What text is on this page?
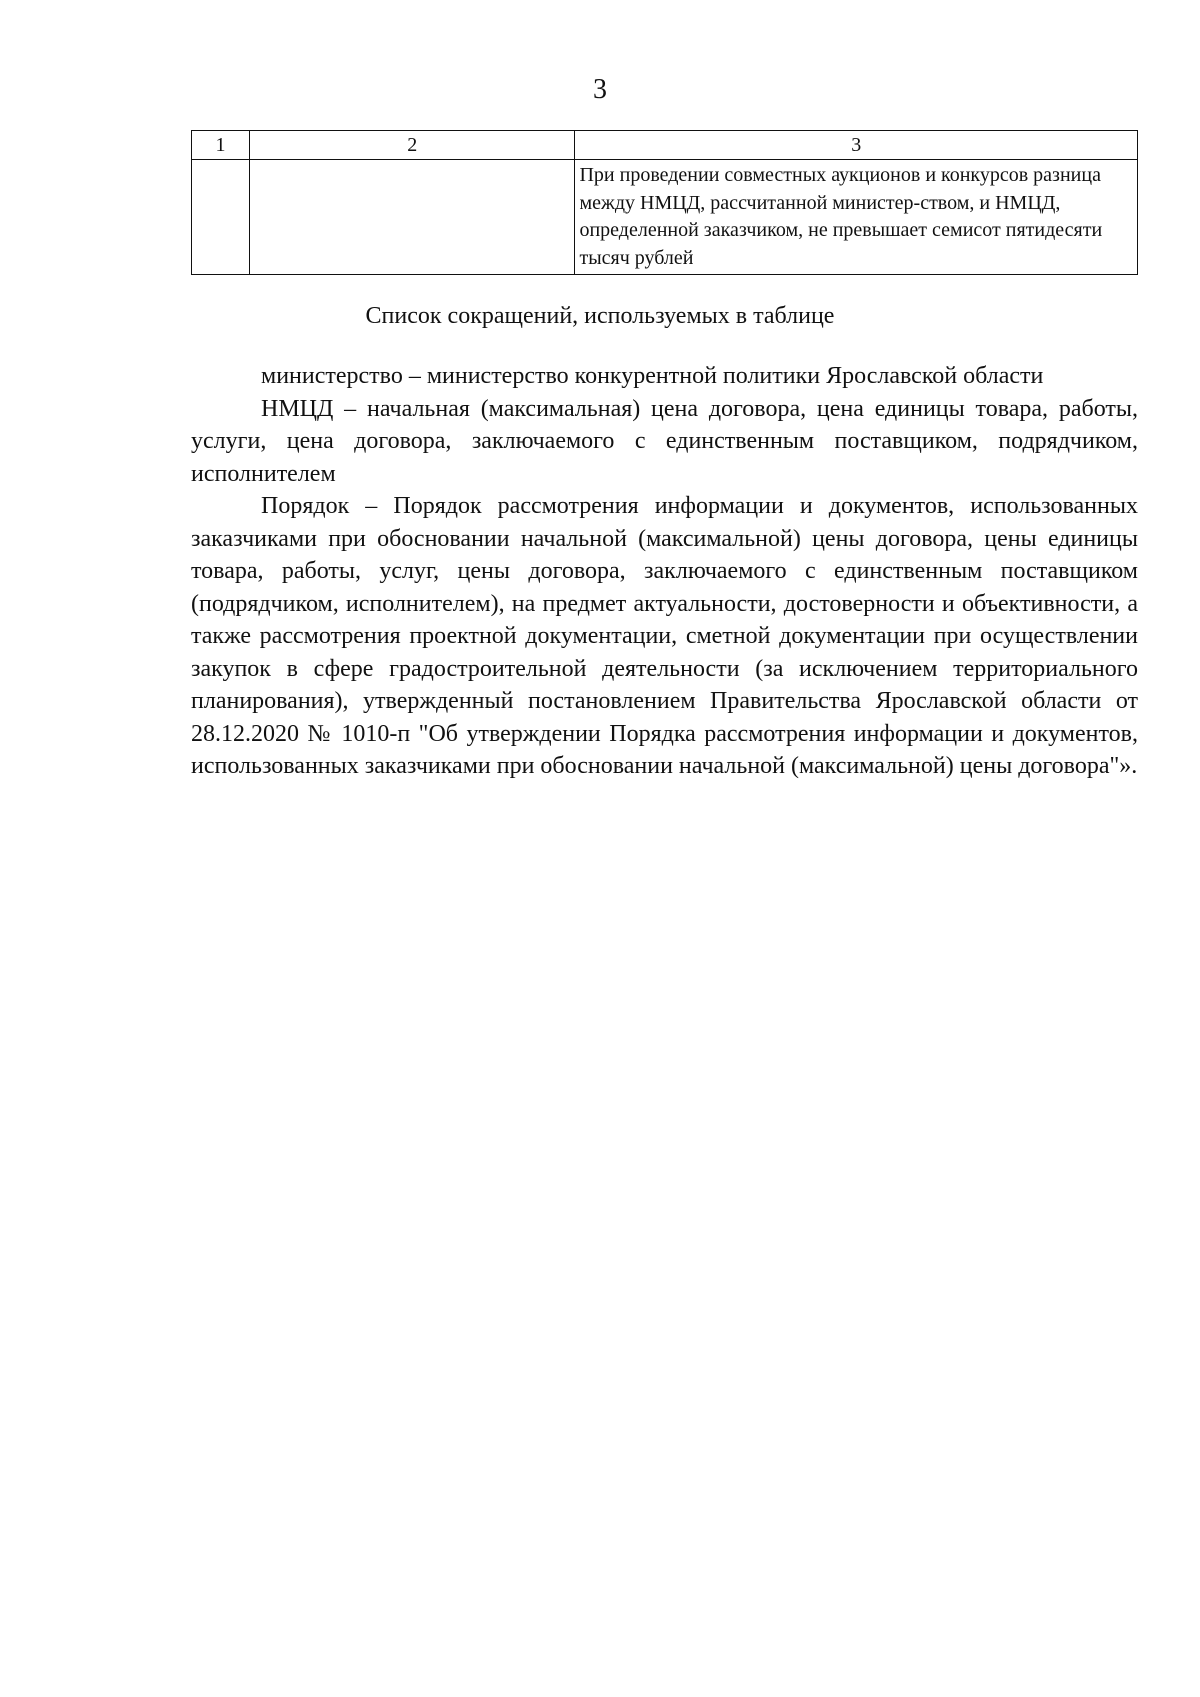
3
1	2	3
		При проведении совместных аукционов и конкурсов разница между НМЦД, рассчитанной министер-ством, и НМЦД, определенной заказчиком, не превышает семисот пятидесяти тысяч рублей
Список сокращений, используемых в таблице

министерство – министерство конкурентной политики Ярославской области

НМЦД – начальная (максимальная) цена договора, цена единицы товара, работы, услуги, цена договора, заключаемого с единственным поставщиком, подрядчиком, исполнителем

Порядок – Порядок рассмотрения информации и документов, использованных заказчиками при обосновании начальной (максимальной) цены договора, цены единицы товара, работы, услуг, цены договора, заключаемого с единственным поставщиком (подрядчиком, исполнителем), на предмет актуальности, достоверности и объективности, а также рассмотрения проектной документации, сметной документации при осуществлении закупок в сфере градостроительной деятельности (за исключением территориального планирования), утвержденный постановлением Правительства Ярославской области от 28.12.2020 № 1010-п "Об утверждении Порядка рассмотрения информации и документов, использованных заказчиками при обосновании начальной (максимальной) цены договора"».
